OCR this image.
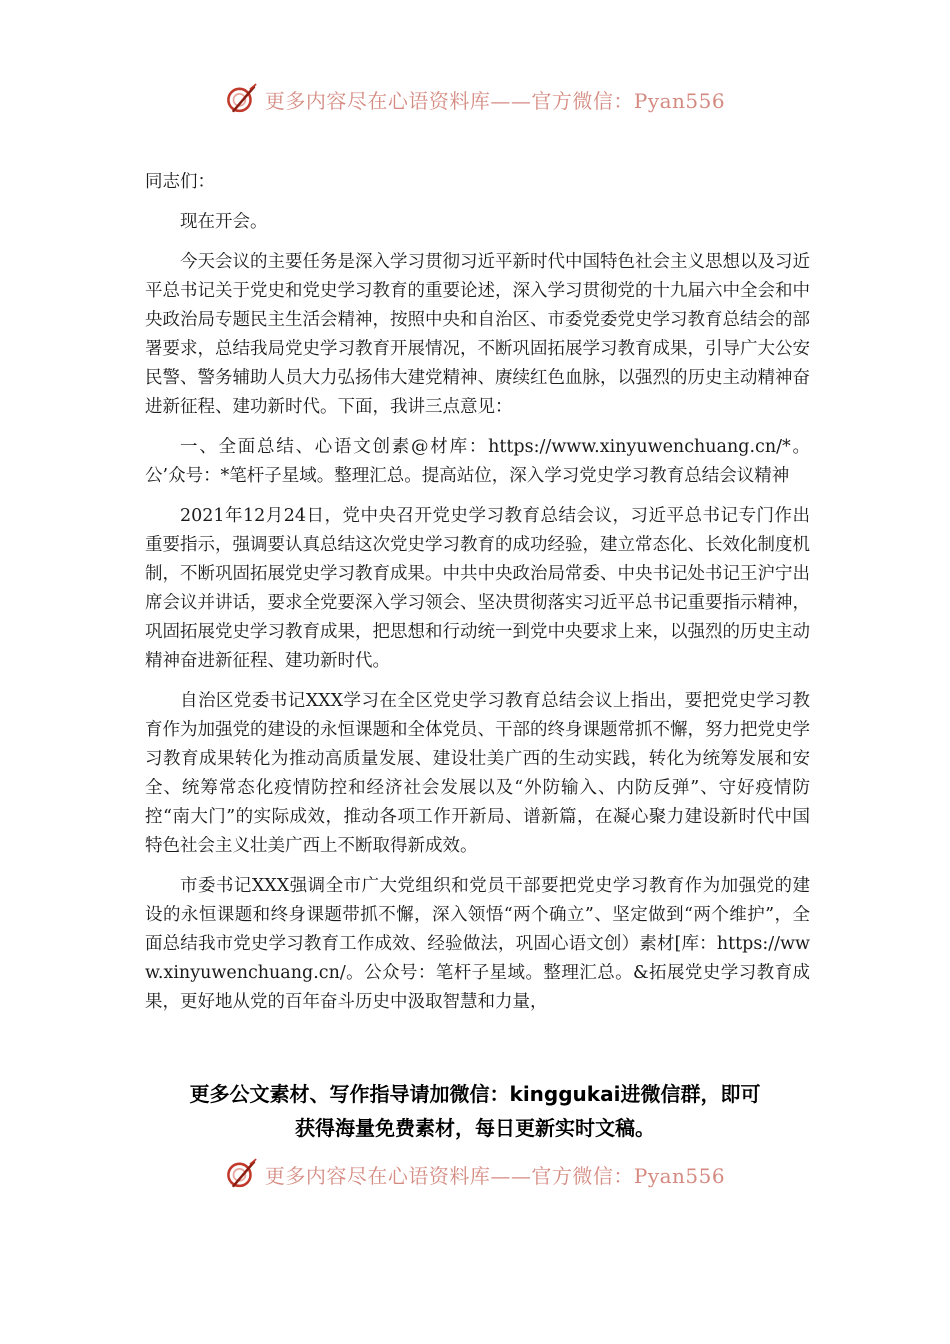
更多内容尽在心语资料库——官方微信：Pyan556

同志们：

现在开会。

今天会议的主要任务是深入学习贯彻习近平新时代中国特色社会主义思想以及习近平总书记关于党史和党史学习教育的重要论述，深入学习贯彻党的十九届六中全会和中央政治局专题民主生活会精神，按照中央和自治区、市委党委党史学习教育总结会的部署要求，总结我局党史学习教育开展情况，不断巩固拓展学习教育成果，引导广大公安民警、警务辅助人员大力弘扬伟大建党精神、赓续红色血脉，以强烈的历史主动精神奋进新征程、建功新时代。下面，我讲三点意见：

一、全面总结、心语文创素@材库：https://www.xinyuwenchuang.cn/*。公’众号：*笔杆子星域。整理汇总。提高站位，深入学习党史学习教育总结会议精神

2021年12月24日，党中央召开党史学习教育总结会议，习近平总书记专门作出重要指示，强调要认真总结这次党史学习教育的成功经验，建立常态化、长效化制度机制，不断巩固拓展党史学习教育成果。中共中央政治局常委、中央书记处书记王沪宁出席会议并讲话，要求全党要深入学习领会、坚决贯彻落实习近平总书记重要指示精神，巩固拓展党史学习教育成果，把思想和行动统一到党中央要求上来，以强烈的历史主动精神奋进新征程、建功新时代。

自治区党委书记XXX学习在全区党史学习教育总结会议上指出，要把党史学习教育作为加强党的建设的永恒课题和全体党员、干部的终身课题常抓不懈，努力把党史学习教育成果转化为推动高质量发展、建设壮美广西的生动实践，转化为统筹发展和安全、统筹常态化疫情防控和经济社会发展以及“外防输入、内防反弹”、守好疫情防控“南大门”的实际成效，推动各项工作开新局、谱新篇，在凝心聚力建设新时代中国特色社会主义壮美广西上不断取得新成效。

市委书记XXX强调全市广大党组织和党员干部要把党史学习教育作为加强党的建设的永恒课题和终身课题带抓不懈，深入领悟“两个确立”、坚定做到“两个维护”，全面总结我市党史学习教育工作成效、经验做法，巩固心语文创）素材[库：https://www.xinyuwenchuang.cn/。公众号：笔杆子星域。整理汇总。&拓展党史学习教育成果，更好地从党的百年奋斗历史中汲取智慧和力量，

更多公文素材、写作指导请加微信：kinggukai进微信群，即可
获得海量免费素材，每日更新实时文稿。
更多内容尽在心语资料库——官方微信：Pyan556
